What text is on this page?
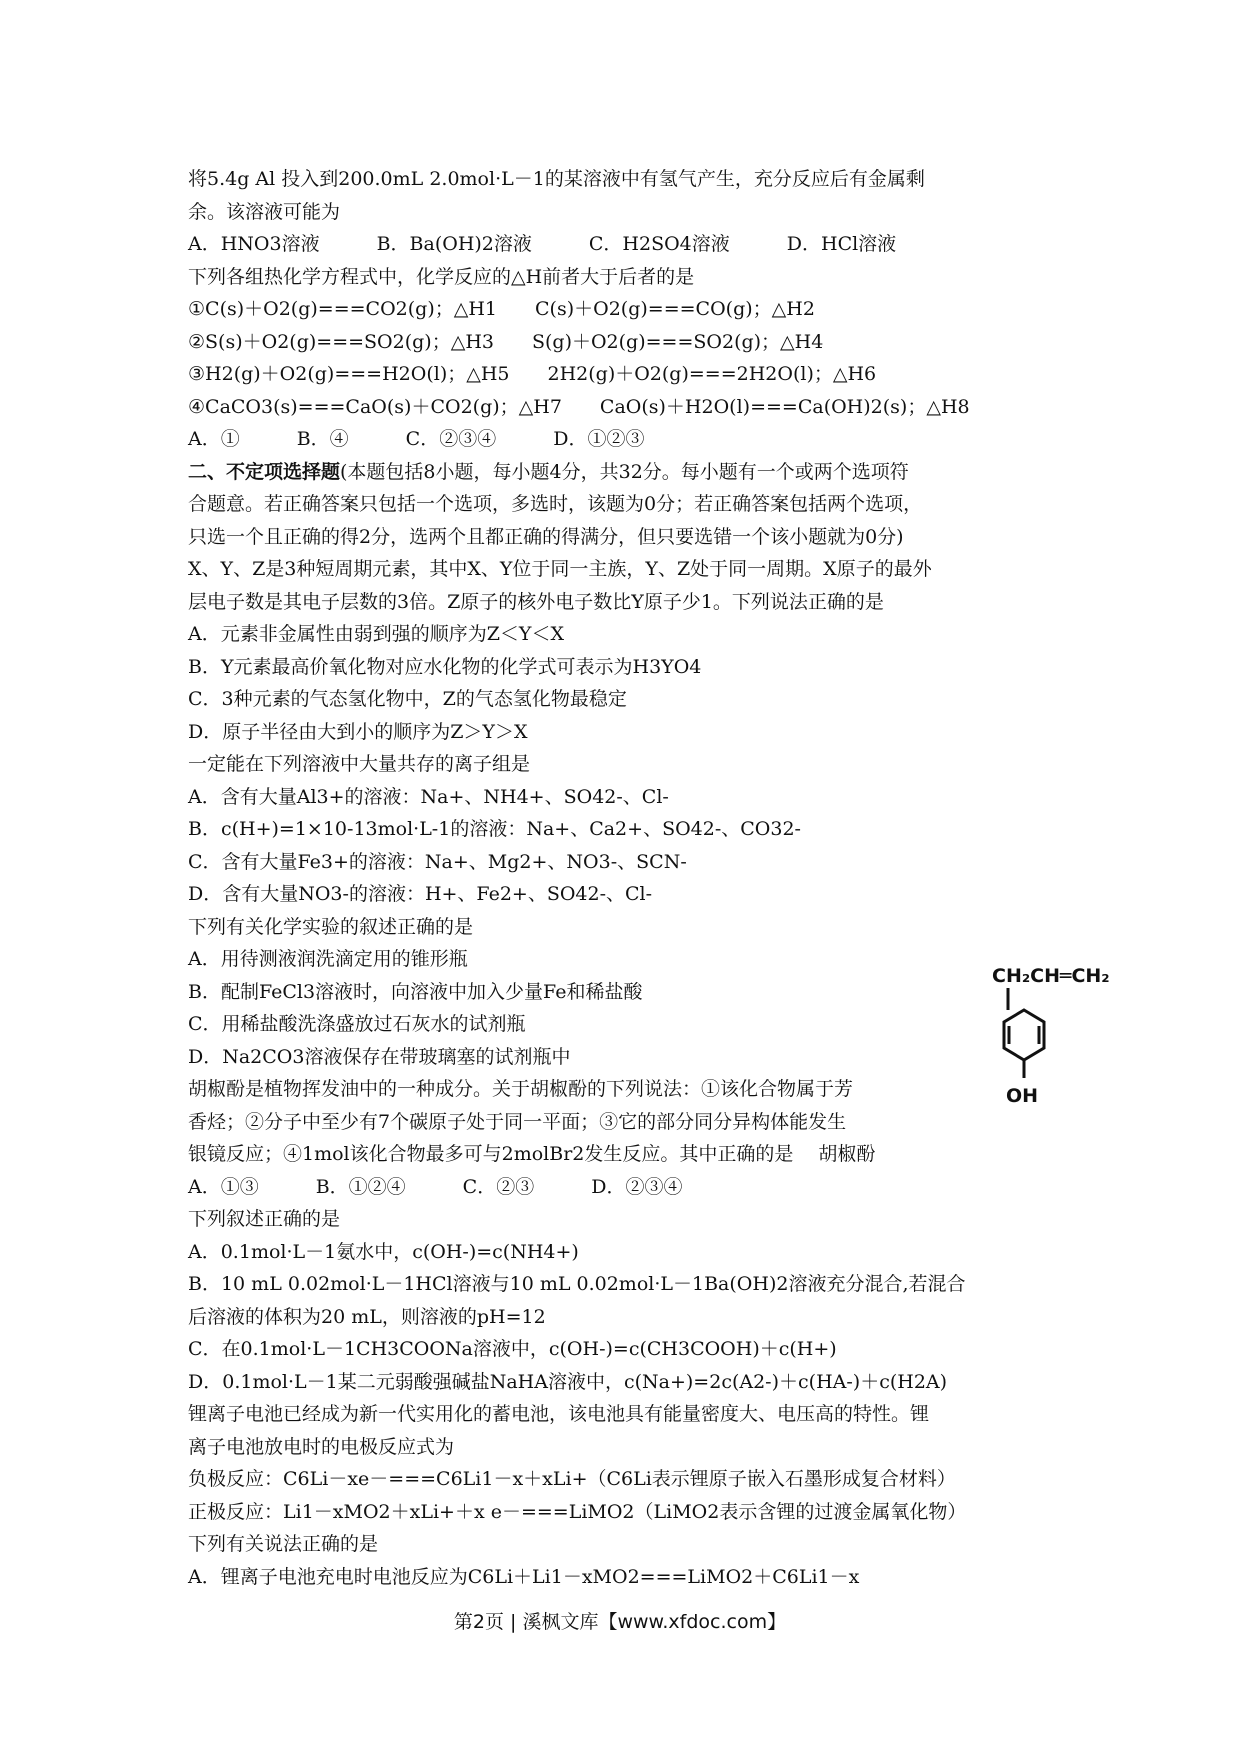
将5.4g Al 投入到200.0mL 2.0mol·L－1的某溶液中有氢气产生，充分反应后有金属剩
余。该溶液可能为
A．HNO3溶液　　　B．Ba(OH)2溶液　　　C．H2SO4溶液　　　D．HCl溶液
下列各组热化学方程式中，化学反应的△H前者大于后者的是
①C(s)＋O2(g)===CO2(g)；△H1　　C(s)＋O2(g)===CO(g)；△H2
②S(s)＋O2(g)===SO2(g)；△H3　　S(g)＋O2(g)===SO2(g)；△H4
③H2(g)＋O2(g)===H2O(l)；△H5　　2H2(g)＋O2(g)===2H2O(l)；△H6
④CaCO3(s)===CaO(s)＋CO2(g)；△H7　　CaO(s)＋H2O(l)===Ca(OH)2(s)；△H8
A．①　　　B．④　　　C．②③④　　　D．①②③
二、不定项选择题(本题包括8小题，每小题4分，共32分。每小题有一个或两个选项符
合题意。若正确答案只包括一个选项，多选时，该题为0分；若正确答案包括两个选项，
只选一个且正确的得2分，选两个且都正确的得满分，但只要选错一个该小题就为0分)
X、Y、Z是3种短周期元素，其中X、Y位于同一主族，Y、Z处于同一周期。X原子的最外
层电子数是其电子层数的3倍。Z原子的核外电子数比Y原子少1。下列说法正确的是
A．元素非金属性由弱到强的顺序为Z＜Y＜X
B．Y元素最高价氧化物对应水化物的化学式可表示为H3YO4
C．3种元素的气态氢化物中，Z的气态氢化物最稳定
D．原子半径由大到小的顺序为Z＞Y＞X
一定能在下列溶液中大量共存的离子组是
A．含有大量Al3+的溶液：Na+、NH4+、SO42-、Cl-
B．c(H+)=1×10-13mol·L-1的溶液：Na+、Ca2+、SO42-、CO32-
C．含有大量Fe3+的溶液：Na+、Mg2+、NO3-、SCN-
D．含有大量NO3-的溶液：H+、Fe2+、SO42-、Cl-
下列有关化学实验的叙述正确的是
A．用待测液润洗滴定用的锥形瓶
B．配制FeCl3溶液时，向溶液中加入少量Fe和稀盐酸
C．用稀盐酸洗涤盛放过石灰水的试剂瓶
D．Na2CO3溶液保存在带玻璃塞的试剂瓶中
胡椒酚是植物挥发油中的一种成分。关于胡椒酚的下列说法：①该化合物属于芳
香烃；②分子中至少有7个碳原子处于同一平面；③它的部分同分异构体能发生
银镜反应；④1mol该化合物最多可与2molBr2发生反应。其中正确的是　 胡椒酚
A．①③　　　B．①②④　　　C．②③　　　D．②③④
下列叙述正确的是
A．0.1mol·L－1氨水中，c(OH-)=c(NH4+)
B．10 mL 0.02mol·L－1HCl溶液与10 mL 0.02mol·L－1Ba(OH)2溶液充分混合,若混合
后溶液的体积为20 mL，则溶液的pH=12
C．在0.1mol·L－1CH3COONa溶液中，c(OH-)=c(CH3COOH)＋c(H+)
D．0.1mol·L－1某二元弱酸强碱盐NaHA溶液中，c(Na+)=2c(A2-)＋c(HA-)＋c(H2A)
锂离子电池已经成为新一代实用化的蓄电池，该电池具有能量密度大、电压高的特性。锂
离子电池放电时的电极反应式为
负极反应：C6Li－xe－===C6Li1－x＋xLi+（C6Li表示锂原子嵌入石墨形成复合材料）
正极反应：Li1－xMO2＋xLi+＋x e－===LiMO2（LiMO2表示含锂的过渡金属氧化物）
下列有关说法正确的是
A．锂离子电池充电时电池反应为C6Li＋Li1－xMO2===LiMO2＋C6Li1－x
CH₂CH═CH₂
OH
第2页 | 溪枫文库【www.xfdoc.com】
